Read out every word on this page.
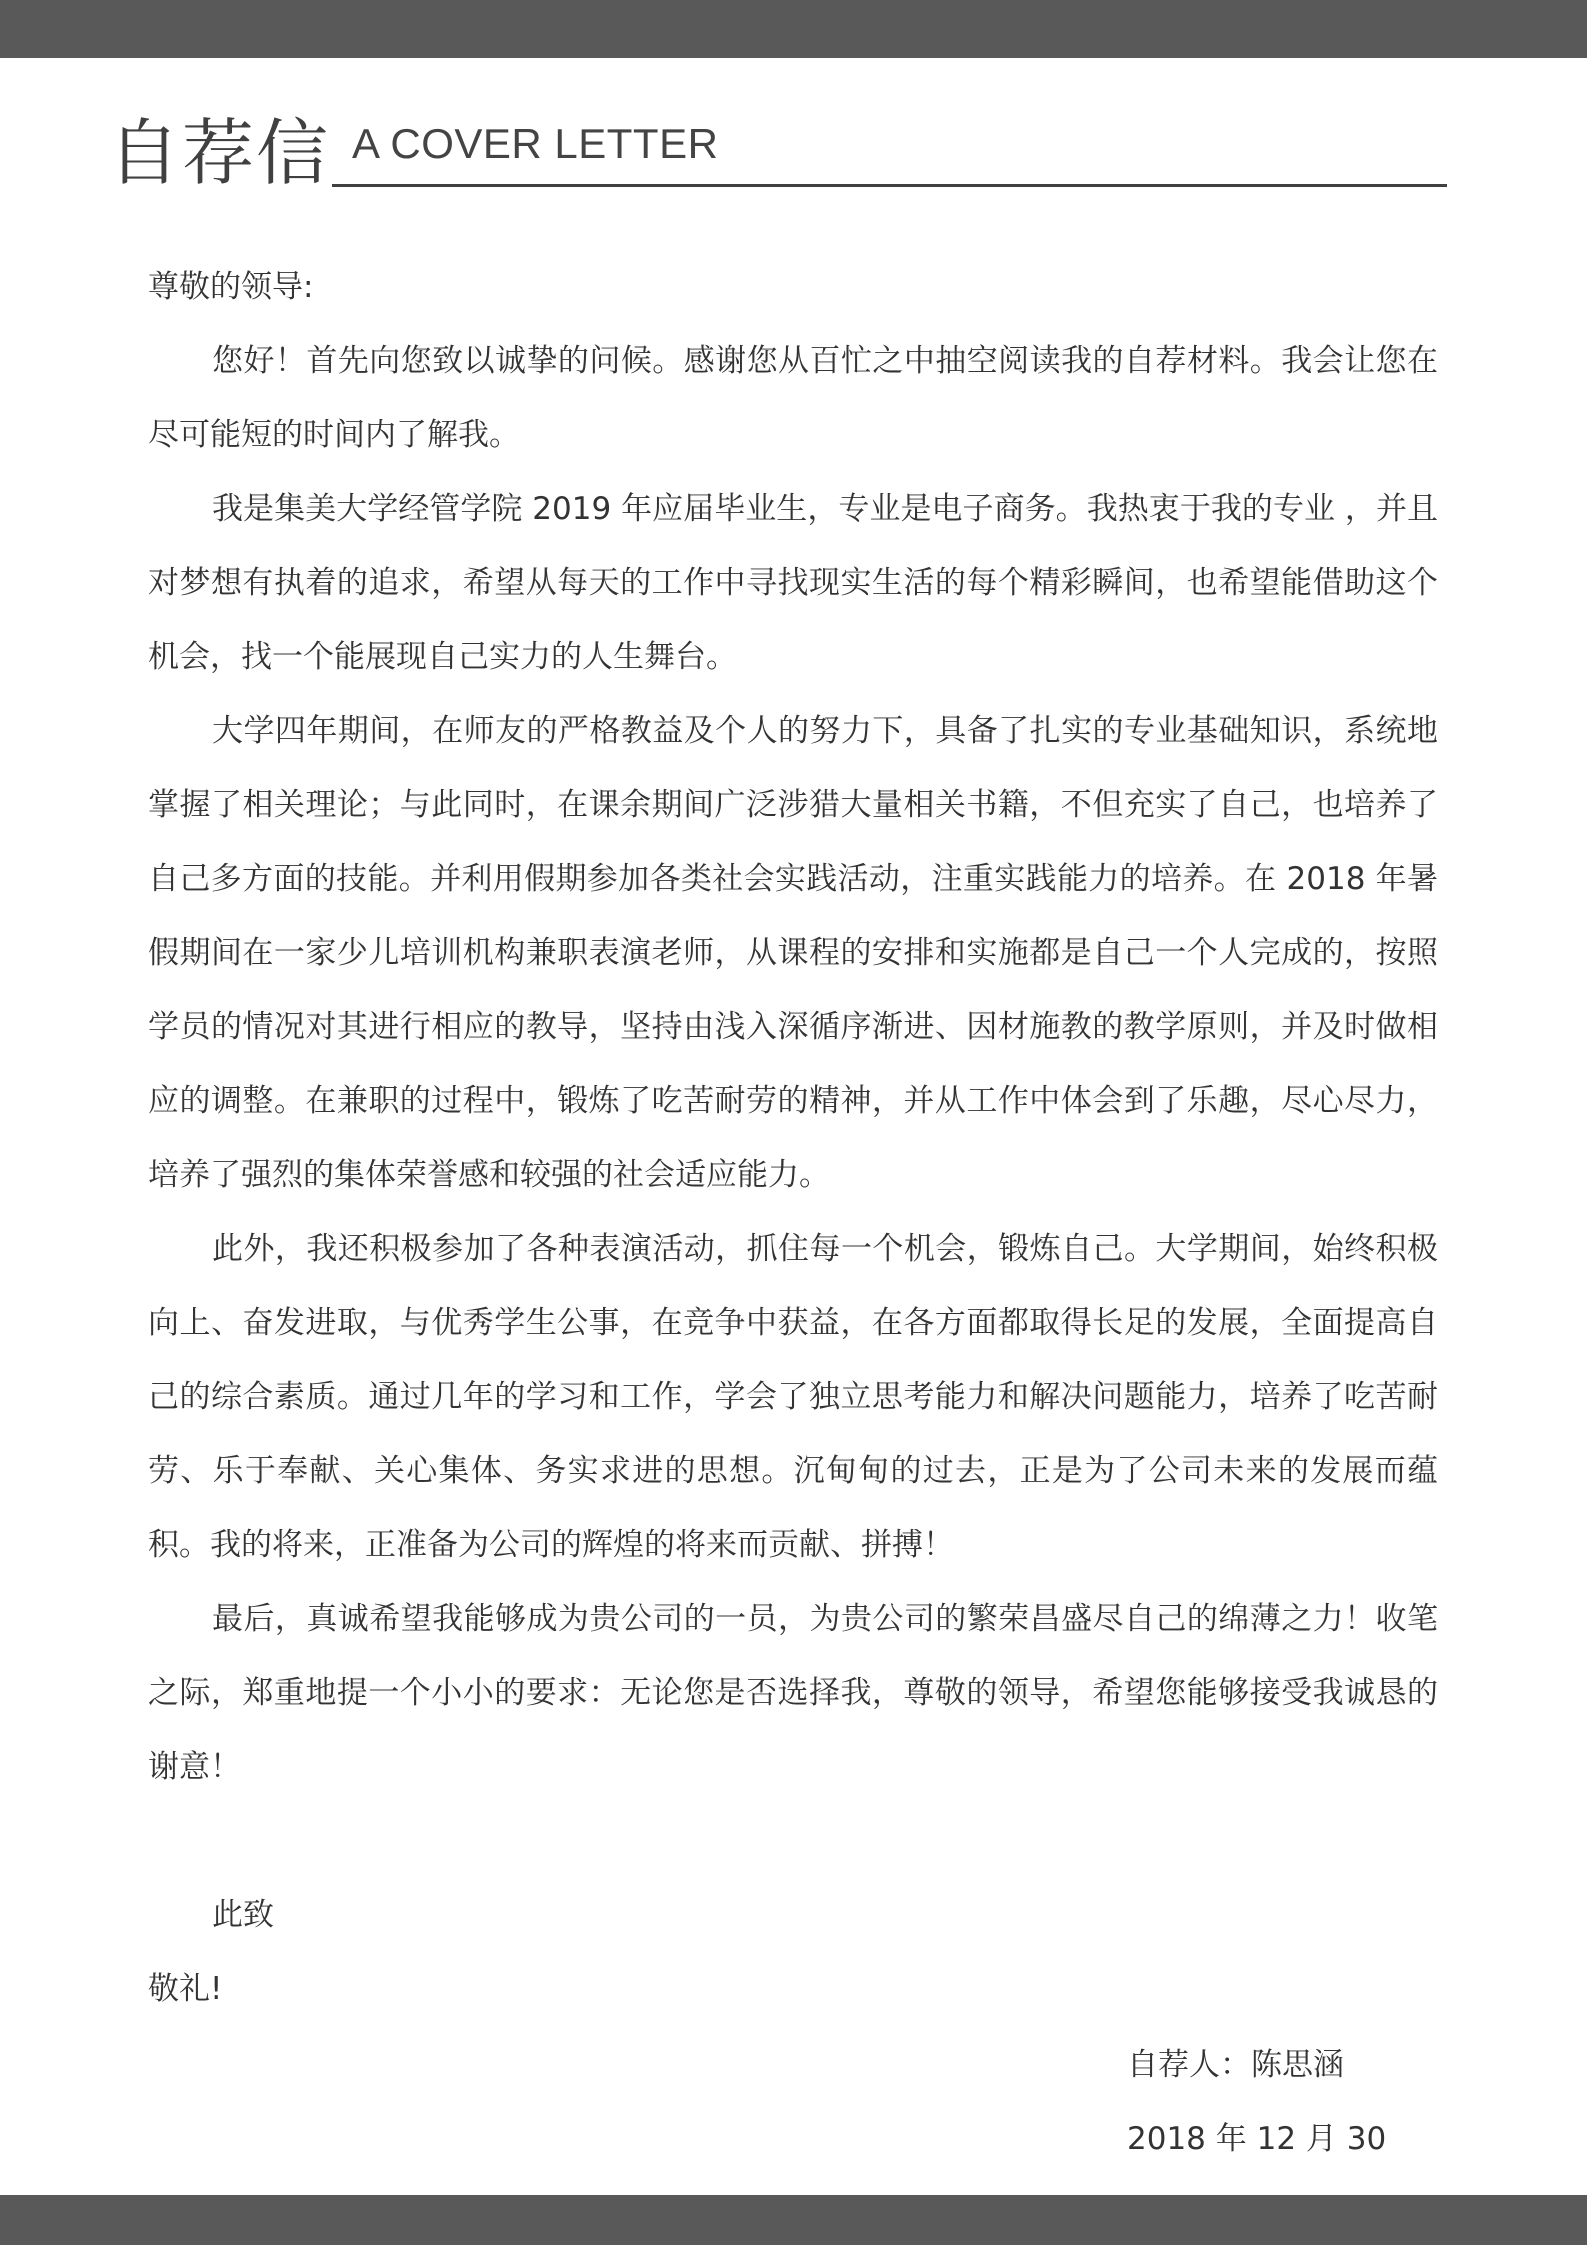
自荐信 A COVER LETTER

尊敬的领导:

您好！首先向您致以诚挚的问候。感谢您从百忙之中抽空阅读我的自荐材料。我会让您在尽可能短的时间内了解我。

我是集美大学经管学院 2019 年应届毕业生，专业是电子商务。我热衷于我的专业 ，并且对梦想有执着的追求，希望从每天的工作中寻找现实生活的每个精彩瞬间，也希望能借助这个机会，找一个能展现自己实力的人生舞台。

大学四年期间，在师友的严格教益及个人的努力下，具备了扎实的专业基础知识，系统地掌握了相关理论；与此同时，在课余期间广泛涉猎大量相关书籍，不但充实了自己，也培养了自己多方面的技能。并利用假期参加各类社会实践活动，注重实践能力的培养。在 2018 年暑假期间在一家少儿培训机构兼职表演老师，从课程的安排和实施都是自己一个人完成的，按照学员的情况对其进行相应的教导，坚持由浅入深循序渐进、因材施教的教学原则，并及时做相应的调整。在兼职的过程中，锻炼了吃苦耐劳的精神，并从工作中体会到了乐趣，尽心尽力，培养了强烈的集体荣誉感和较强的社会适应能力。

此外，我还积极参加了各种表演活动，抓住每一个机会，锻炼自己。大学期间，始终积极向上、奋发进取，与优秀学生公事，在竞争中获益，在各方面都取得长足的发展，全面提高自己的综合素质。通过几年的学习和工作，学会了独立思考能力和解决问题能力，培养了吃苦耐劳、乐于奉献、关心集体、务实求进的思想。沉甸甸的过去，正是为了公司未来的发展而蕴积。我的将来，正准备为公司的辉煌的将来而贡献、拼搏！

最后，真诚希望我能够成为贵公司的一员，为贵公司的繁荣昌盛尽自己的绵薄之力！收笔之际，郑重地提一个小小的要求：无论您是否选择我，尊敬的领导，希望您能够接受我诚恳的谢意！

此致

敬礼!

自荐人：陈思涵
2018 年 12 月 30
